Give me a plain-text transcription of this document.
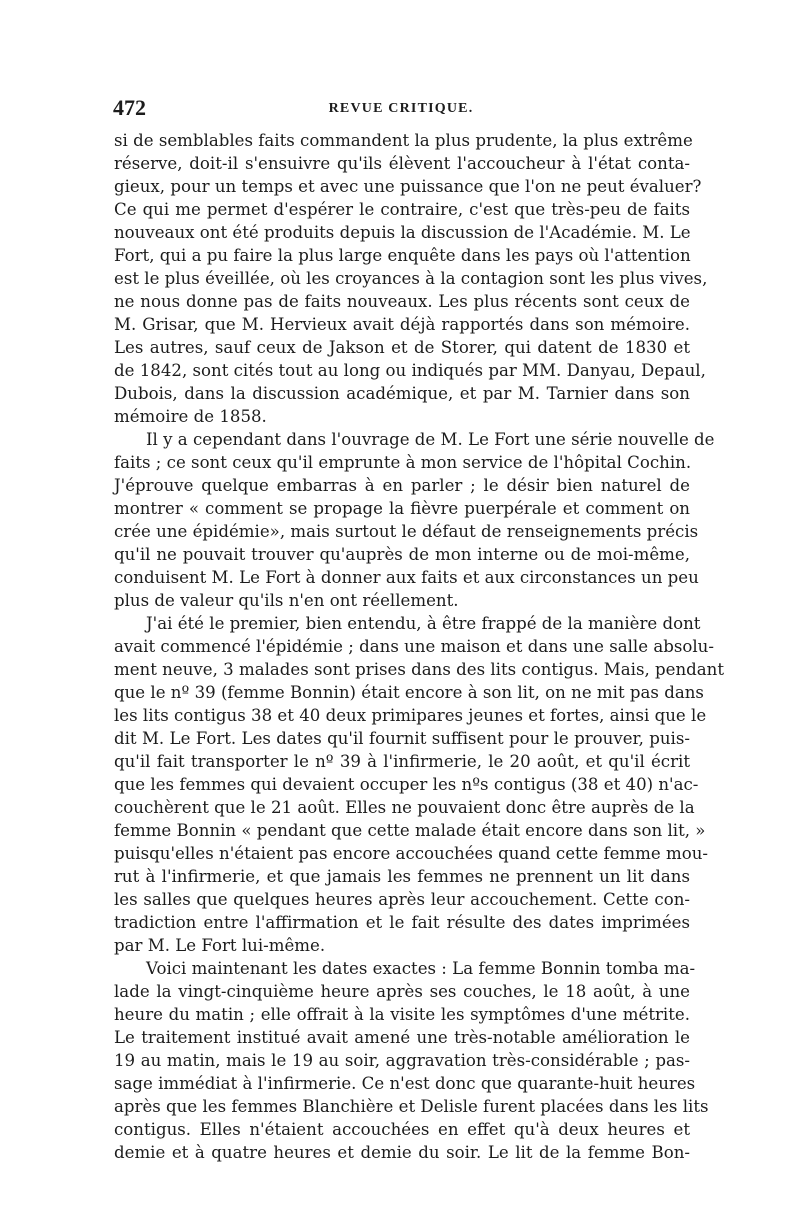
472	REVUE CRITIQUE.
si de semblables faits commandent la plus prudente, la plus extrême
réserve, doit-il s'ensuivre qu'ils élèvent l'accoucheur à l'état conta-
gieux, pour un temps et avec une puissance que l'on ne peut évaluer?
Ce qui me permet d'espérer le contraire, c'est que très-peu de faits
nouveaux ont été produits depuis la discussion de l'Académie. M. Le
Fort, qui a pu faire la plus large enquête dans les pays où l'attention
est le plus éveillée, où les croyances à la contagion sont les plus vives,
ne nous donne pas de faits nouveaux. Les plus récents sont ceux de
M. Grisar, que M. Hervieux avait déjà rapportés dans son mémoire.
Les autres, sauf ceux de Jakson et de Storer, qui datent de 1830 et
de 1842, sont cités tout au long ou indiqués par MM. Danyau, Depaul,
Dubois, dans la discussion académique, et par M. Tarnier dans son
mémoire de 1858.
Il y a cependant dans l'ouvrage de M. Le Fort une série nouvelle de
faits ; ce sont ceux qu'il emprunte à mon service de l'hôpital Cochin.
J'éprouve quelque embarras à en parler ; le désir bien naturel de
montrer « comment se propage la fièvre puerpérale et comment on
crée une épidémie», mais surtout le défaut de renseignements précis
qu'il ne pouvait trouver qu'auprès de mon interne ou de moi-même,
conduisent M. Le Fort à donner aux faits et aux circonstances un peu
plus de valeur qu'ils n'en ont réellement.
J'ai été le premier, bien entendu, à être frappé de la manière dont
avait commencé l'épidémie ; dans une maison et dans une salle absolu-
ment neuve, 3 malades sont prises dans des lits contigus. Mais, pendant
que le nº 39 (femme Bonnin) était encore à son lit, on ne mit pas dans
les lits contigus 38 et 40 deux primipares jeunes et fortes, ainsi que le
dit M. Le Fort. Les dates qu'il fournit suffisent pour le prouver, puis-
qu'il fait transporter le nº 39 à l'infirmerie, le 20 août, et qu'il écrit
que les femmes qui devaient occuper les nºs contigus (38 et 40) n'ac-
couchèrent que le 21 août. Elles ne pouvaient donc être auprès de la
femme Bonnin « pendant que cette malade était encore dans son lit, »
puisqu'elles n'étaient pas encore accouchées quand cette femme mou-
rut à l'infirmerie, et que jamais les femmes ne prennent un lit dans
les salles que quelques heures après leur accouchement. Cette con-
tradiction entre l'affirmation et le fait résulte des dates imprimées
par M. Le Fort lui-même.
Voici maintenant les dates exactes : La femme Bonnin tomba ma-
lade la vingt-cinquième heure après ses couches, le 18 août, à une
heure du matin ; elle offrait à la visite les symptômes d'une métrite.
Le traitement institué avait amené une très-notable amélioration le
19 au matin, mais le 19 au soir, aggravation très-considérable ; pas-
sage immédiat à l'infirmerie. Ce n'est donc que quarante-huit heures
après que les femmes Blanchière et Delisle furent placées dans les lits
contigus. Elles n'étaient accouchées en effet qu'à deux heures et
demie et à quatre heures et demie du soir. Le lit de la femme Bon-
